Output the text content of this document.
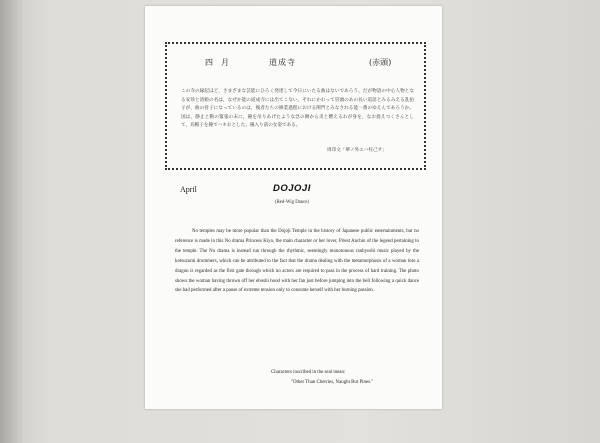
四　月	道成寺	(赤頭)
この寺の縁起ほど，さまざまな芸能にひろく発達して今日にいたる曲はないであろう。だが物語の中心人物となる安珍と清姫の名は，なぜか能の道成寺には出てこない。それにかわって冒頭のあの長い道語とみるみえる乱拍子が，曲の骨子になっているのは，後者たちの修業過程における関門とみなされる能一番のゆえんであろうか。国は，静止と動の緊張の末に，鐘を吊りあげたような急の舞から炎と燃えるわが身を，なお捉えつくさんとして，烏帽子を鐘でハキおとした。鐘入り前の女姿である。
周印文「華ノ外エハ枉己ヲ」
April	DOJOJI
(Red-Wig Dance)

No temples may be more popular than the Dojoji Temple in the history of Japanese public entertainments, but no reference is made in this No drama Princess Kiyo, the main character or her lover, Priest Anchin of the legend pertaining to the temple. The No drama is instead run through the rhythmic, seemingly monotonous ranbyoshi music played by the kotsuzumi drummers, which can be attributed to the fact that the drama dealing with the metamorphosis of a woman into a dragon is regarded as the first gate through which no actors are required to pass in the process of hard training. The photo shows the woman having thrown off her eboshi hood with her fan just before jumping into the bell following a quick dance she had performed after a pause of extreme tension only to consume herself with her burning passion.

Characters inscribed in the seal mean:
"Other Than Cherries, Naught But Pines."
